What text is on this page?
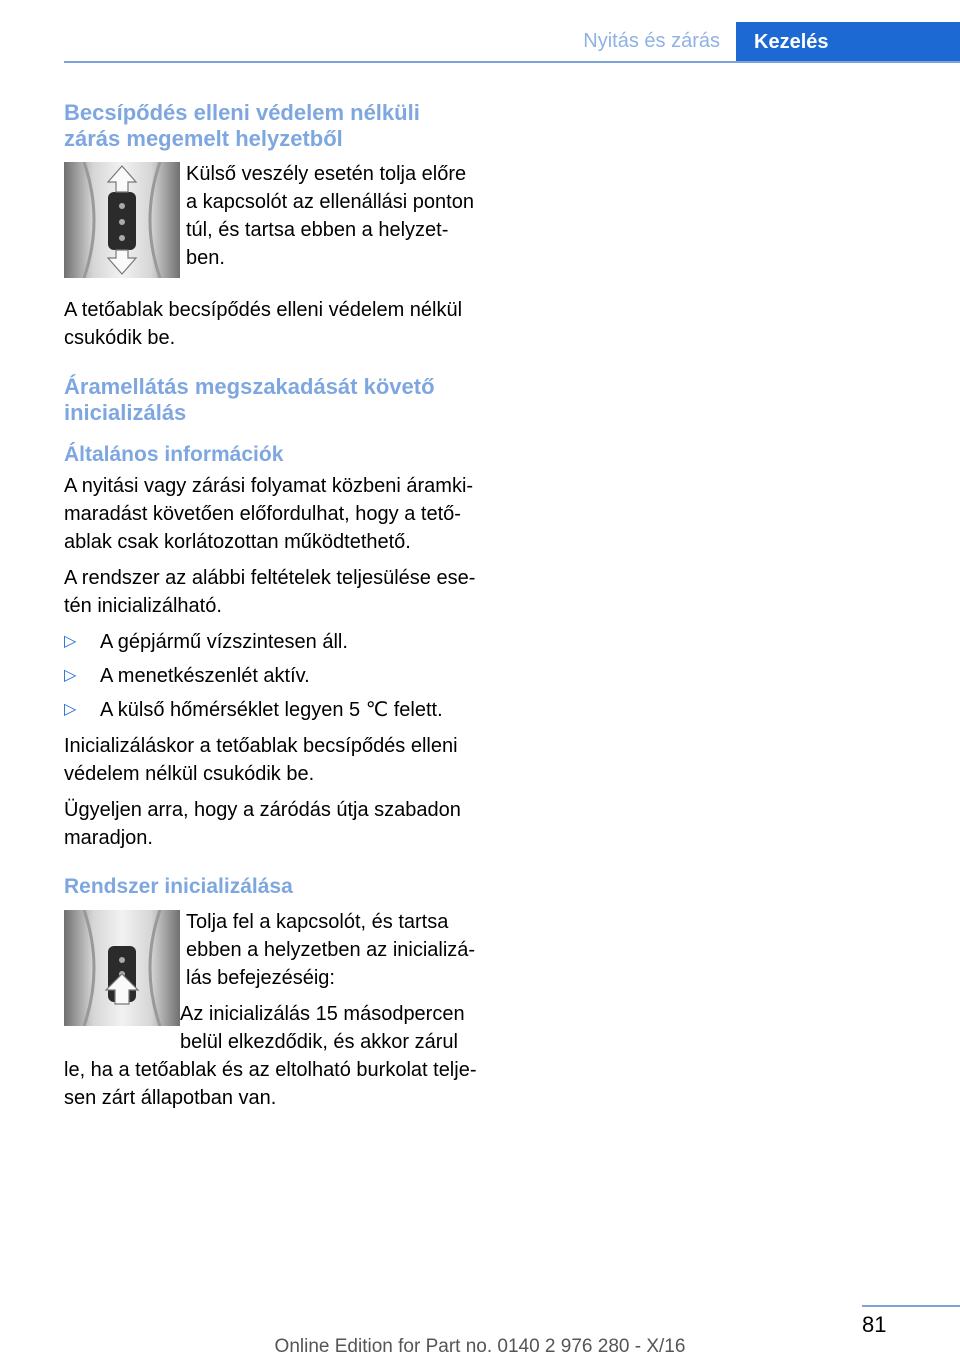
Nyitás és zárás Kezelés
Becsípődés elleni védelem nélküli zárás megemelt helyzetből

Külső veszély esetén tolja előre a kapcsolót az ellenállási ponton túl, és tartsa ebben a helyzetben.

A tetőablak becsípődés elleni védelem nélkül csukódik be.

Áramellátás megszakadását követő inicializálás
Általános információk

A nyitási vagy zárási folyamat közbeni áramkimaradást követően előfordulhat, hogy a tetőablak csak korlátozottan működtethető.

A rendszer az alábbi feltételek teljesülése esetén inicializálható.

▷ A gépjármű vízszintesen áll.
▷ A menetkészenlét aktív.
▷ A külső hőmérséklet legyen 5 ℃ felett.

Inicializáláskor a tetőablak becsípődés elleni védelem nélkül csukódik be.

Ügyeljen arra, hogy a záródás útja szabadon maradjon.

Rendszer inicializálása

Tolja fel a kapcsolót, és tartsa ebben a helyzetben az inicializálás befejezéséig:

Az inicializálás 15 másodpercen belül elkezdődik, és akkor zárul le, ha a tetőablak és az eltolható burkolat teljesen zárt állapotban van.

81
Online Edition for Part no. 0140 2 976 280 - X/16
